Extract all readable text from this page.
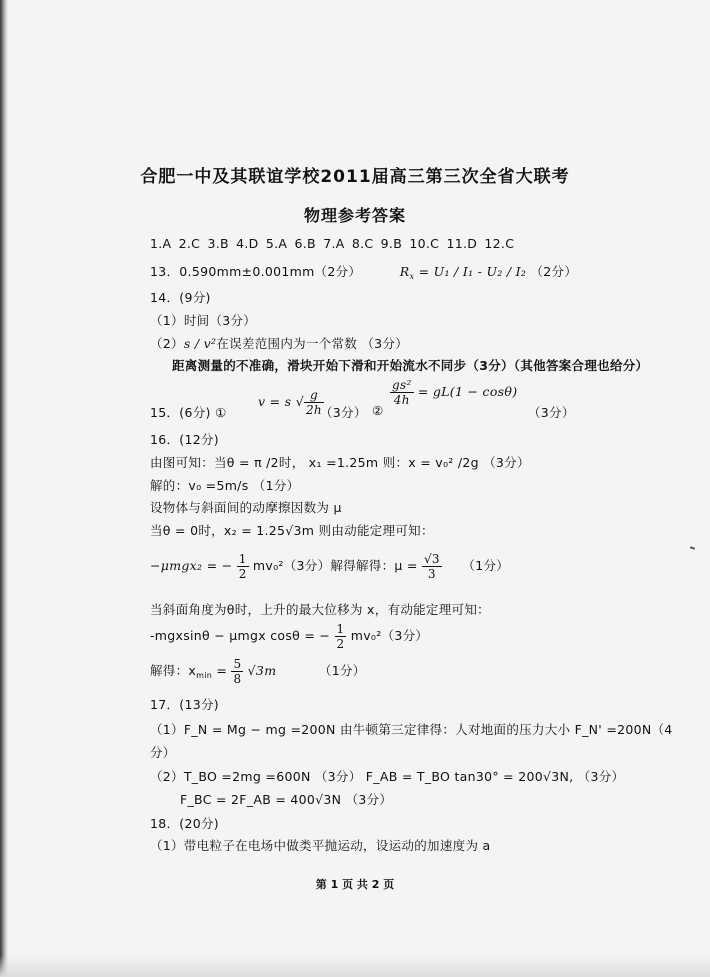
合肥一中及其联谊学校2011届高三第三次全省大联考
物理参考答案
1.A 2.C 3.B 4.D 5.A 6.B 7.A 8.C 9.B 10.C 11.D 12.C
13．0.590mm±0.001mm（2分）	$R_x = U_1 / I_1 - U_2 / I_2$ （2分）
14．(9分)
（1）时间（3分）
（2）s / v²在误差范围内为一个常数 （3分）
距离测量的不准确，滑块开始下滑和开始流水不同步（3分）（其他答案合理也给分）
15．(6分) ①
v = s √ $\frac{g}{2h}$
（3分） ②
$\frac{\text{gs²}}{4h} = gL(1 - \cos\theta)$
（3分）
16．(12分)
由图可知：当θ = π /2时， x₁ =1.25m 则：x = v₀² /2g （3分）
解的：v₀ =5m/s （1分）
设物体与斜面间的动摩擦因数为 μ
当θ = 0时，x₂ = 1.25√3m 则由动能定理可知：
−μmgx₂ = − $\frac{1}{2} mv_0^2(3$分）解得解得：$\mu = \frac{√3}{3} (1$分）
当斜面角度为θ时，上升的最大位移为 x，有动能定理可知：
-mgxsinθ − μmgx cosθ = − $\frac{1}{2} mv_0^2(3$分）
解得：$x_{min} = \frac{5}{8} √3m$	（1分）
17．(13分)
（1）F_N = Mg − mg =200N 由牛顿第三定律得：人对地面的压力大小 F_N' =200N（4
分）
（2）T_BO =2mg =600N （3分） F_AB = T_BO tan30° = 200√3N, （3分）
F_BC = 2F_AB = 400√3N （3分）
18．(20分)
（1）带电粒子在电场中做类平抛运动，设运动的加速度为 a
第 1 页 共 2 页
